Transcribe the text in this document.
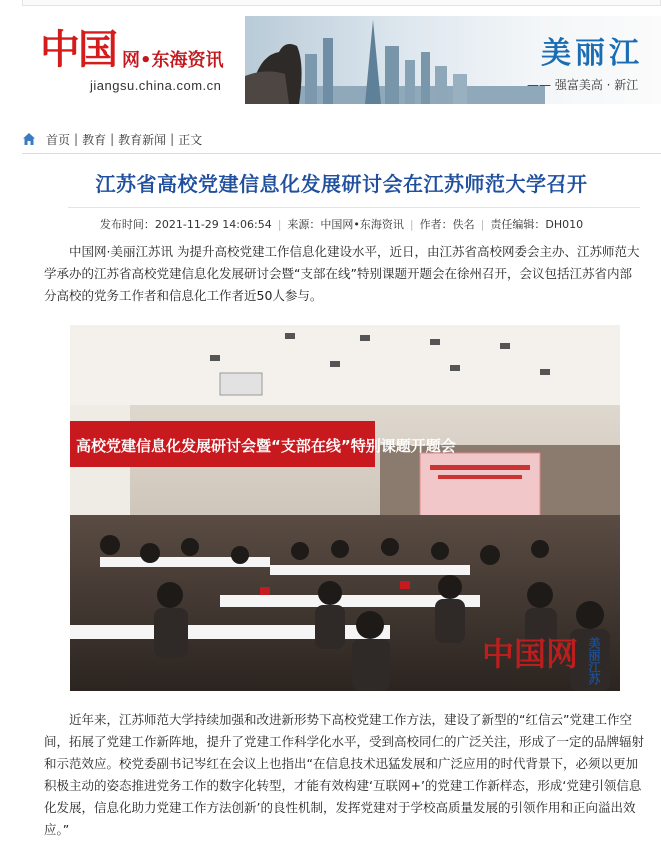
中国 网•东海资讯
jiangsu.china.com.cn
美丽江
—— 强富美高 · 新江
首页 | 教育 | 教育新闻 | 正文
江苏省高校党建信息化发展研讨会在江苏师范大学召开
发布时间：2021-11-29 14:06:54 | 来源：中国网•东海资讯 | 作者：佚名 | 责任编辑：DH010

中国网·美丽江苏讯 为提升高校党建工作信息化建设水平，近日，由江苏省高校网委会主办、江苏师范大学承办的江苏省高校党建信息化发展研讨会暨“支部在线”特别课题开题会在徐州召开，会议包括江苏省内部分高校的党务工作者和信息化工作者近50人参与。

高校党建信息化发展研讨会暨“支部在线”特别课题开题会
中国网 美丽江苏

近年来，江苏师范大学持续加强和改进新形势下高校党建工作方法，建设了新型的“红信云”党建工作空间，拓展了党建工作新阵地，提升了党建工作科学化水平，受到高校同仁的广泛关注，形成了一定的品牌辐射和示范效应。校党委副书记岑红在会议上也指出“在信息技术迅猛发展和广泛应用的时代背景下，必须以更加积极主动的姿态推进党务工作的数字化转型，才能有效构建‘互联网+’的党建工作新样态，形成‘党建引领信息化发展，信息化助力党建工作方法创新’的良性机制，发挥党建对于学校高质量发展的引领作用和正向溢出效应。”
